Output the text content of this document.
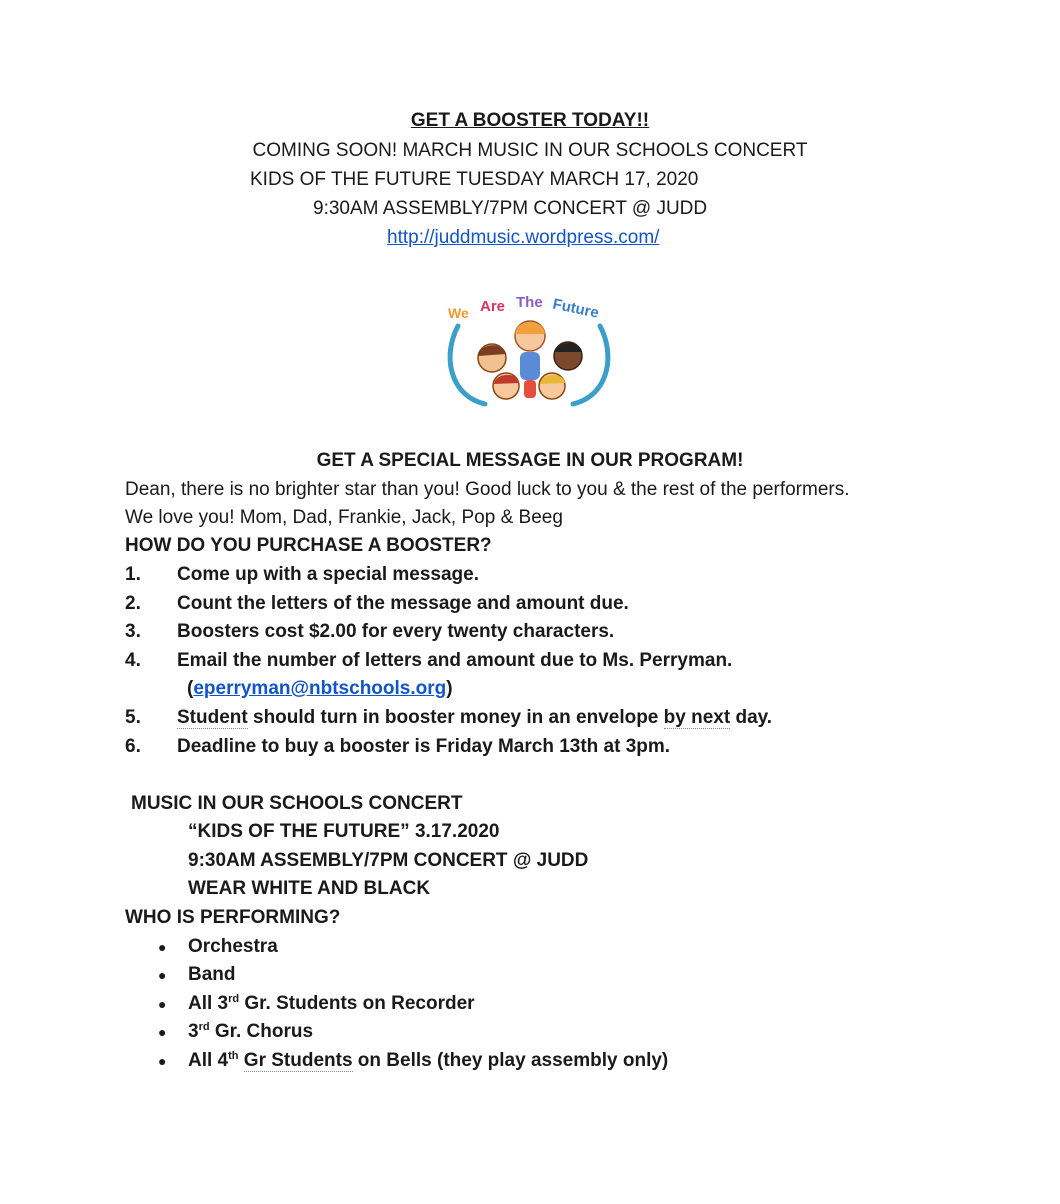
GET A BOOSTER TODAY!!
COMING SOON! MARCH MUSIC IN OUR SCHOOLS CONCERT
KIDS OF THE FUTURE TUESDAY MARCH 17, 2020
9:30AM ASSEMBLY/7PM CONCERT @ JUDD
http://juddmusic.wordpress.com/
We Are The Future
GET A SPECIAL MESSAGE IN OUR PROGRAM!
Dean, there is no brighter star than you! Good luck to you & the rest of the performers.
We love you! Mom, Dad, Frankie, Jack, Pop & Beeg
HOW DO YOU PURCHASE A BOOSTER?
1. Come up with a special message.
2. Count the letters of the message and amount due.
3. Boosters cost $2.00 for every twenty characters.
4. Email the number of letters and amount due to Ms. Perryman.
(eperryman@nbtschools.org)
5. Student should turn in booster money in an envelope by next day.
6. Deadline to buy a booster is Friday March 13th at 3pm.
MUSIC IN OUR SCHOOLS CONCERT
“KIDS OF THE FUTURE” 3.17.2020
9:30AM ASSEMBLY/7PM CONCERT @ JUDD
WEAR WHITE AND BLACK
WHO IS PERFORMING?
● Orchestra
● Band
● All 3rd Gr. Students on Recorder
● 3rd Gr. Chorus
● All 4th Gr Students on Bells (they play assembly only)
